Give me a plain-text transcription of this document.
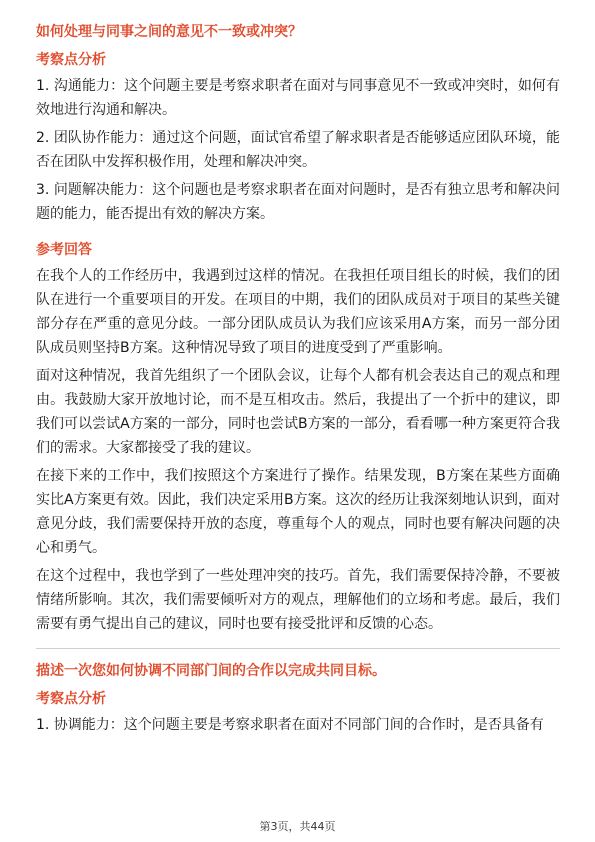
如何处理与同事之间的意见不一致或冲突？
考察点分析

1. 沟通能力：这个问题主要是考察求职者在面对与同事意见不一致或冲突时，如何有效地进行沟通和解决。

2. 团队协作能力：通过这个问题，面试官希望了解求职者是否能够适应团队环境，能否在团队中发挥积极作用，处理和解决冲突。

3. 问题解决能力：这个问题也是考察求职者在面对问题时，是否有独立思考和解决问题的能力，能否提出有效的解决方案。

参考回答

在我个人的工作经历中，我遇到过这样的情况。在我担任项目组长的时候，我们的团队在进行一个重要项目的开发。在项目的中期，我们的团队成员对于项目的某些关键部分存在严重的意见分歧。一部分团队成员认为我们应该采用A方案，而另一部分团队成员则坚持B方案。这种情况导致了项目的进度受到了严重影响。

面对这种情况，我首先组织了一个团队会议，让每个人都有机会表达自己的观点和理由。我鼓励大家开放地讨论，而不是互相攻击。然后，我提出了一个折中的建议，即我们可以尝试A方案的一部分，同时也尝试B方案的一部分，看看哪一种方案更符合我们的需求。大家都接受了我的建议。

在接下来的工作中，我们按照这个方案进行了操作。结果发现，B方案在某些方面确实比A方案更有效。因此，我们决定采用B方案。这次的经历让我深刻地认识到，面对意见分歧，我们需要保持开放的态度，尊重每个人的观点，同时也要有解决问题的决心和勇气。

在这个过程中，我也学到了一些处理冲突的技巧。首先，我们需要保持冷静，不要被情绪所影响。其次，我们需要倾听对方的观点，理解他们的立场和考虑。最后，我们需要有勇气提出自己的建议，同时也要有接受批评和反馈的心态。

描述一次您如何协调不同部门间的合作以完成共同目标。
考察点分析

1. 协调能力：这个问题主要是考察求职者在面对不同部门间的合作时，是否具备有

第3页，共44页
